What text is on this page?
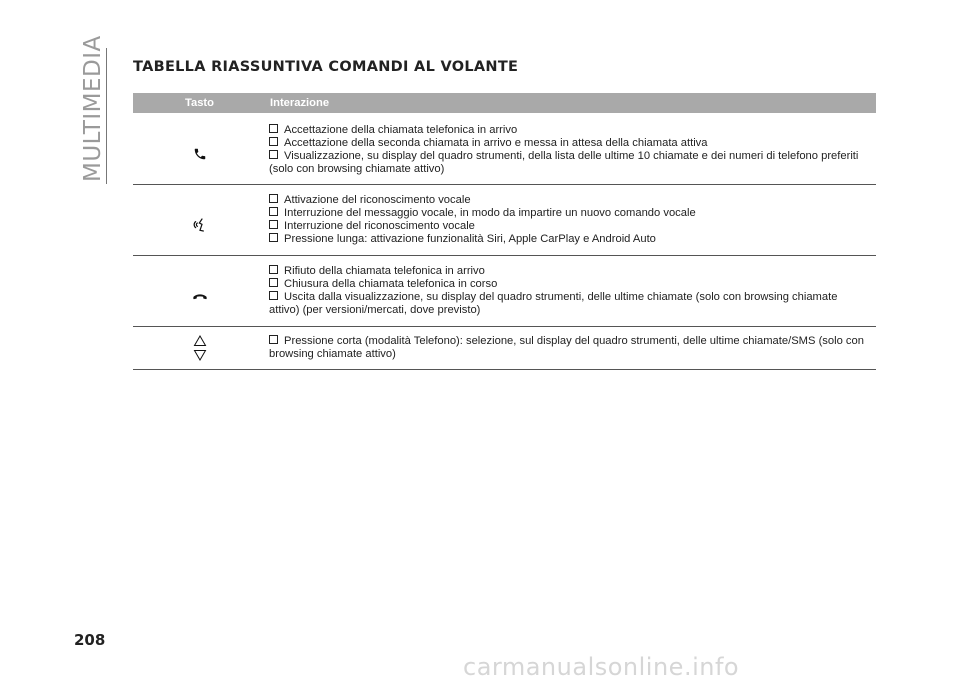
MULTIMEDIA TABELLA RIASSUNTIVA COMANDI AL VOLANTE
Tasto	Interazione
Accettazione della chiamata telefonica in arrivo
Accettazione della seconda chiamata in arrivo e messa in attesa della chiamata attiva
Visualizzazione, su display del quadro strumenti, della lista delle ultime 10 chiamate e dei numeri di telefono preferiti (solo con browsing chiamate attivo)
Attivazione del riconoscimento vocale
Interruzione del messaggio vocale, in modo da impartire un nuovo comando vocale
Interruzione del riconoscimento vocale
Pressione lunga: attivazione funzionalità Siri, Apple CarPlay e Android Auto
Rifiuto della chiamata telefonica in arrivo
Chiusura della chiamata telefonica in corso
Uscita dalla visualizzazione, su display del quadro strumenti, delle ultime chiamate (solo con browsing chiamate attivo) (per versioni/mercati, dove previsto)
Pressione corta (modalità Telefono): selezione, sul display del quadro strumenti, delle ultime chiamate/SMS (solo con browsing chiamate attivo)
208
carmanualsonline.info
